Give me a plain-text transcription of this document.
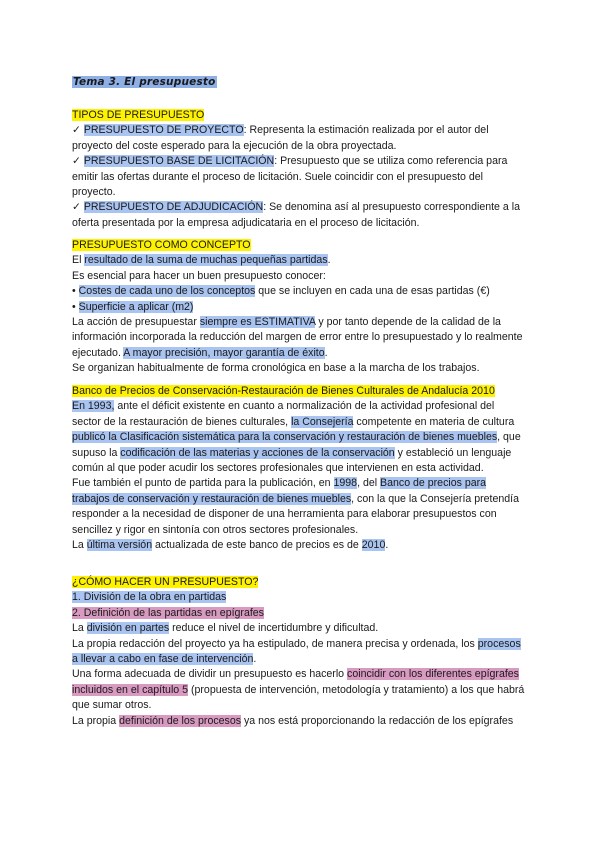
Tema 3. El presupuesto

TIPOS DE PRESUPUESTO

✓ PRESUPUESTO DE PROYECTO: Representa la estimación realizada por el autor del proyecto del coste esperado para la ejecución de la obra proyectada.

✓ PRESUPUESTO BASE DE LICITACIÓN: Presupuesto que se utiliza como referencia para emitir las ofertas durante el proceso de licitación. Suele coincidir con el presupuesto del proyecto.

✓ PRESUPUESTO DE ADJUDICACIÓN: Se denomina así al presupuesto correspondiente a la oferta presentada por la empresa adjudicataria en el proceso de licitación.

PRESUPUESTO COMO CONCEPTO

El resultado de la suma de muchas pequeñas partidas.

Es esencial para hacer un buen presupuesto conocer:

• Costes de cada uno de los conceptos que se incluyen en cada una de esas partidas (€)

• Superficie a aplicar (m2)

La acción de presupuestar siempre es ESTIMATIVA y por tanto depende de la calidad de la información incorporada la reducción del margen de error entre lo presupuestado y lo realmente ejecutado. A mayor precisión, mayor garantía de éxito.

Se organizan habitualmente de forma cronológica en base a la marcha de los trabajos.

Banco de Precios de Conservación-Restauración de Bienes Culturales de Andalucía 2010

En 1993, ante el déficit existente en cuanto a normalización de la actividad profesional del sector de la restauración de bienes culturales, la Consejería competente en materia de cultura publicó la Clasificación sistemática para la conservación y restauración de bienes muebles, que supuso la codificación de las materias y acciones de la conservación y estableció un lenguaje común al que poder acudir los sectores profesionales que intervienen en esta actividad.

Fue también el punto de partida para la publicación, en 1998, del Banco de precios para trabajos de conservación y restauración de bienes muebles, con la que la Consejería pretendía responder a la necesidad de disponer de una herramienta para elaborar presupuestos con sencillez y rigor en sintonía con otros sectores profesionales.

La última versión actualizada de este banco de precios es de 2010.

¿CÓMO HACER UN PRESUPUESTO?

1. División de la obra en partidas

2. Definición de las partidas en epígrafes

La división en partes reduce el nivel de incertidumbre y dificultad.

La propia redacción del proyecto ya ha estipulado, de manera precisa y ordenada, los procesos a llevar a cabo en fase de intervención.

Una forma adecuada de dividir un presupuesto es hacerlo coincidir con los diferentes epígrafes incluidos en el capítulo 5 (propuesta de intervención, metodología y tratamiento) a los que habrá que sumar otros.

La propia definición de los procesos ya nos está proporcionando la redacción de los epígrafes
